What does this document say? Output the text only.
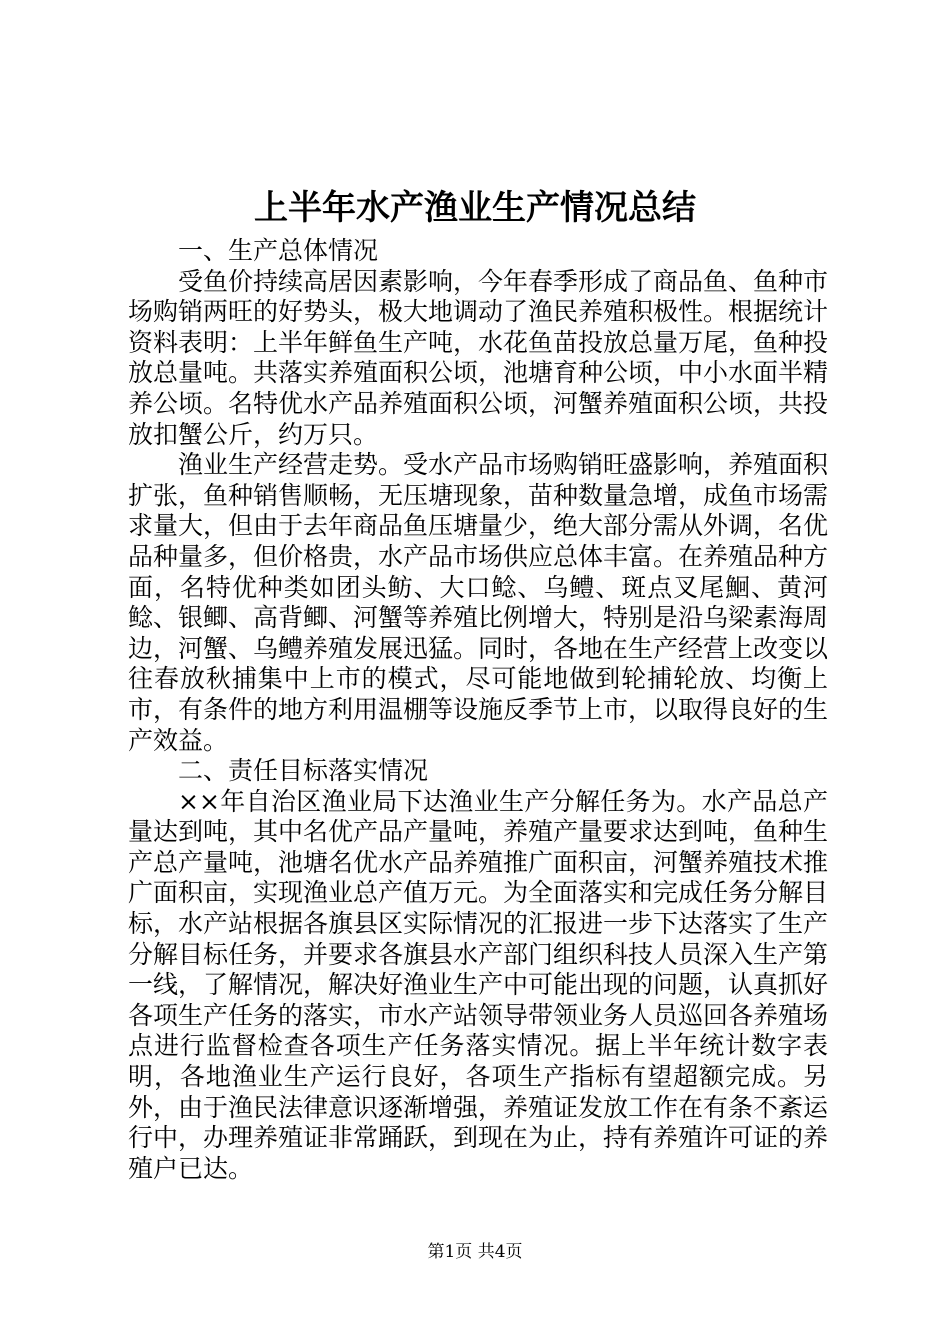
上半年水产渔业生产情况总结

一、生产总体情况

受鱼价持续高居因素影响，今年春季形成了商品鱼、鱼种市场购销两旺的好势头，极大地调动了渔民养殖积极性。根据统计资料表明：上半年鲜鱼生产吨，水花鱼苗投放总量万尾，鱼种投放总量吨。共落实养殖面积公顷，池塘育种公顷，中小水面半精养公顷。名特优水产品养殖面积公顷，河蟹养殖面积公顷，共投放扣蟹公斤，约万只。

渔业生产经营走势。受水产品市场购销旺盛影响，养殖面积扩张，鱼种销售顺畅，无压塘现象，苗种数量急增，成鱼市场需求量大，但由于去年商品鱼压塘量少，绝大部分需从外调，名优品种量多，但价格贵，水产品市场供应总体丰富。在养殖品种方面，名特优种类如团头鲂、大口鲶、乌鳢、斑点叉尾鮰、黄河鲶、银鲫、高背鲫、河蟹等养殖比例增大，特别是沿乌梁素海周边，河蟹、乌鳢养殖发展迅猛。同时，各地在生产经营上改变以往春放秋捕集中上市的模式，尽可能地做到轮捕轮放、均衡上市，有条件的地方利用温棚等设施反季节上市，以取得良好的生产效益。

二、责任目标落实情况

××年自治区渔业局下达渔业生产分解任务为。水产品总产量达到吨，其中名优产品产量吨，养殖产量要求达到吨，鱼种生产总产量吨，池塘名优水产品养殖推广面积亩，河蟹养殖技术推广面积亩，实现渔业总产值万元。为全面落实和完成任务分解目标，水产站根据各旗县区实际情况的汇报进一步下达落实了生产分解目标任务，并要求各旗县水产部门组织科技人员深入生产第一线，了解情况，解决好渔业生产中可能出现的问题，认真抓好各项生产任务的落实，市水产站领导带领业务人员巡回各养殖场点进行监督检查各项生产任务落实情况。据上半年统计数字表明，各地渔业生产运行良好，各项生产指标有望超额完成。另外，由于渔民法律意识逐渐增强，养殖证发放工作在有条不紊运行中，办理养殖证非常踊跃，到现在为止，持有养殖许可证的养殖户已达。

第1页 共4页
